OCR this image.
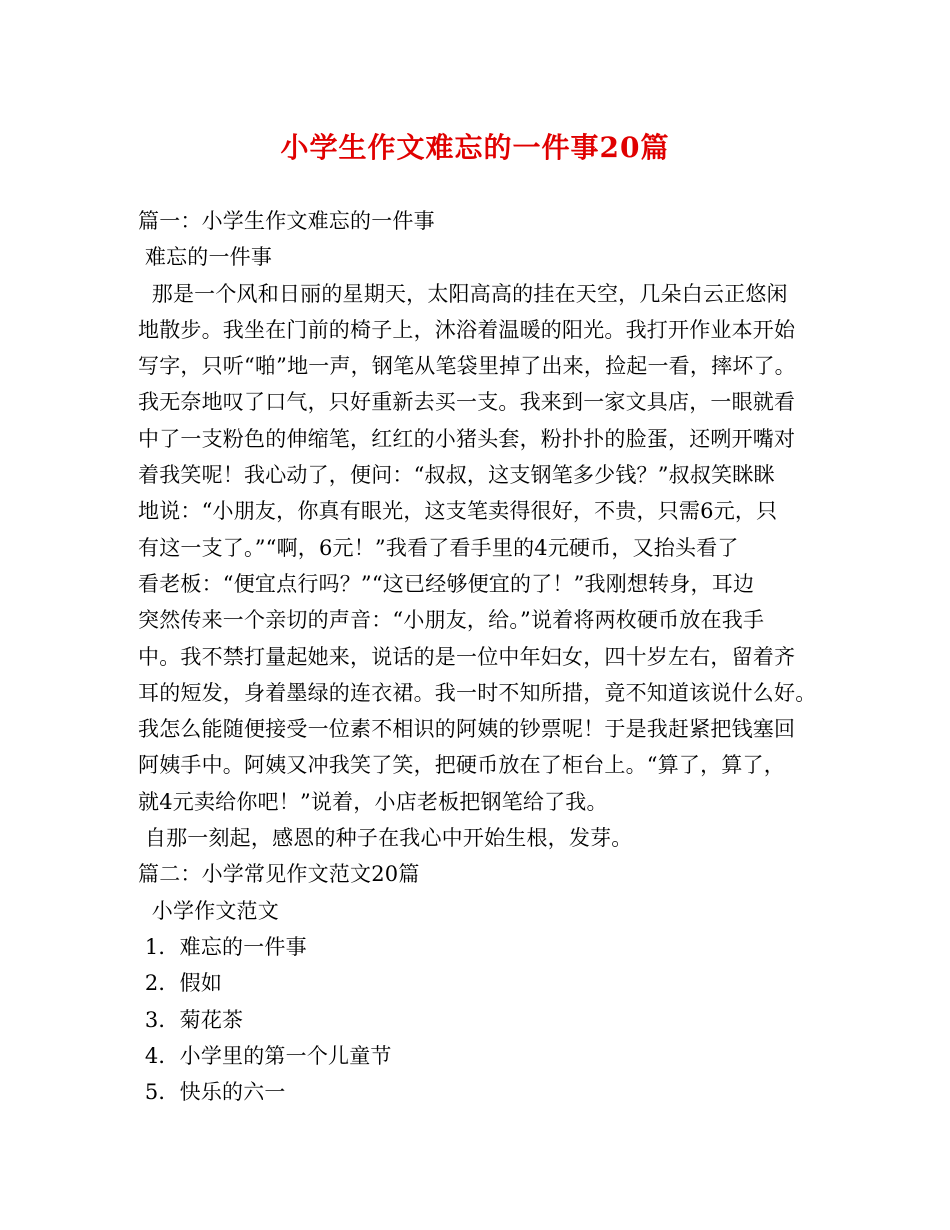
小学生作文难忘的一件事20篇
篇一：小学生作文难忘的一件事
难忘的一件事
那是一个风和日丽的星期天，太阳高高的挂在天空，几朵白云正悠闲
地散步。我坐在门前的椅子上，沐浴着温暖的阳光。我打开作业本开始
写字，只听“啪”地一声，钢笔从笔袋里掉了出来，捡起一看，摔坏了。
我无奈地叹了口气，只好重新去买一支。我来到一家文具店，一眼就看
中了一支粉色的伸缩笔，红红的小猪头套，粉扑扑的脸蛋，还咧开嘴对
着我笑呢！我心动了，便问：“叔叔，这支钢笔多少钱？”叔叔笑眯眯
地说：“小朋友，你真有眼光，这支笔卖得很好，不贵，只需6元，只
有这一支了。”“啊，6元！”我看了看手里的4元硬币，又抬头看了
看老板：“便宜点行吗？”“这已经够便宜的了！”我刚想转身，耳边
突然传来一个亲切的声音：“小朋友，给。”说着将两枚硬币放在我手
中。我不禁打量起她来，说话的是一位中年妇女，四十岁左右，留着齐
耳的短发，身着墨绿的连衣裙。我一时不知所措，竟不知道该说什么好。
我怎么能随便接受一位素不相识的阿姨的钞票呢！于是我赶紧把钱塞回
阿姨手中。阿姨又冲我笑了笑，把硬币放在了柜台上。“算了，算了，
就4元卖给你吧！”说着，小店老板把钢笔给了我。
自那一刻起，感恩的种子在我心中开始生根，发芽。
篇二：小学常见作文范文20篇
小学作文范文
1．难忘的一件事
2．假如
3．菊花茶
4．小学里的第一个儿童节
5．快乐的六一
